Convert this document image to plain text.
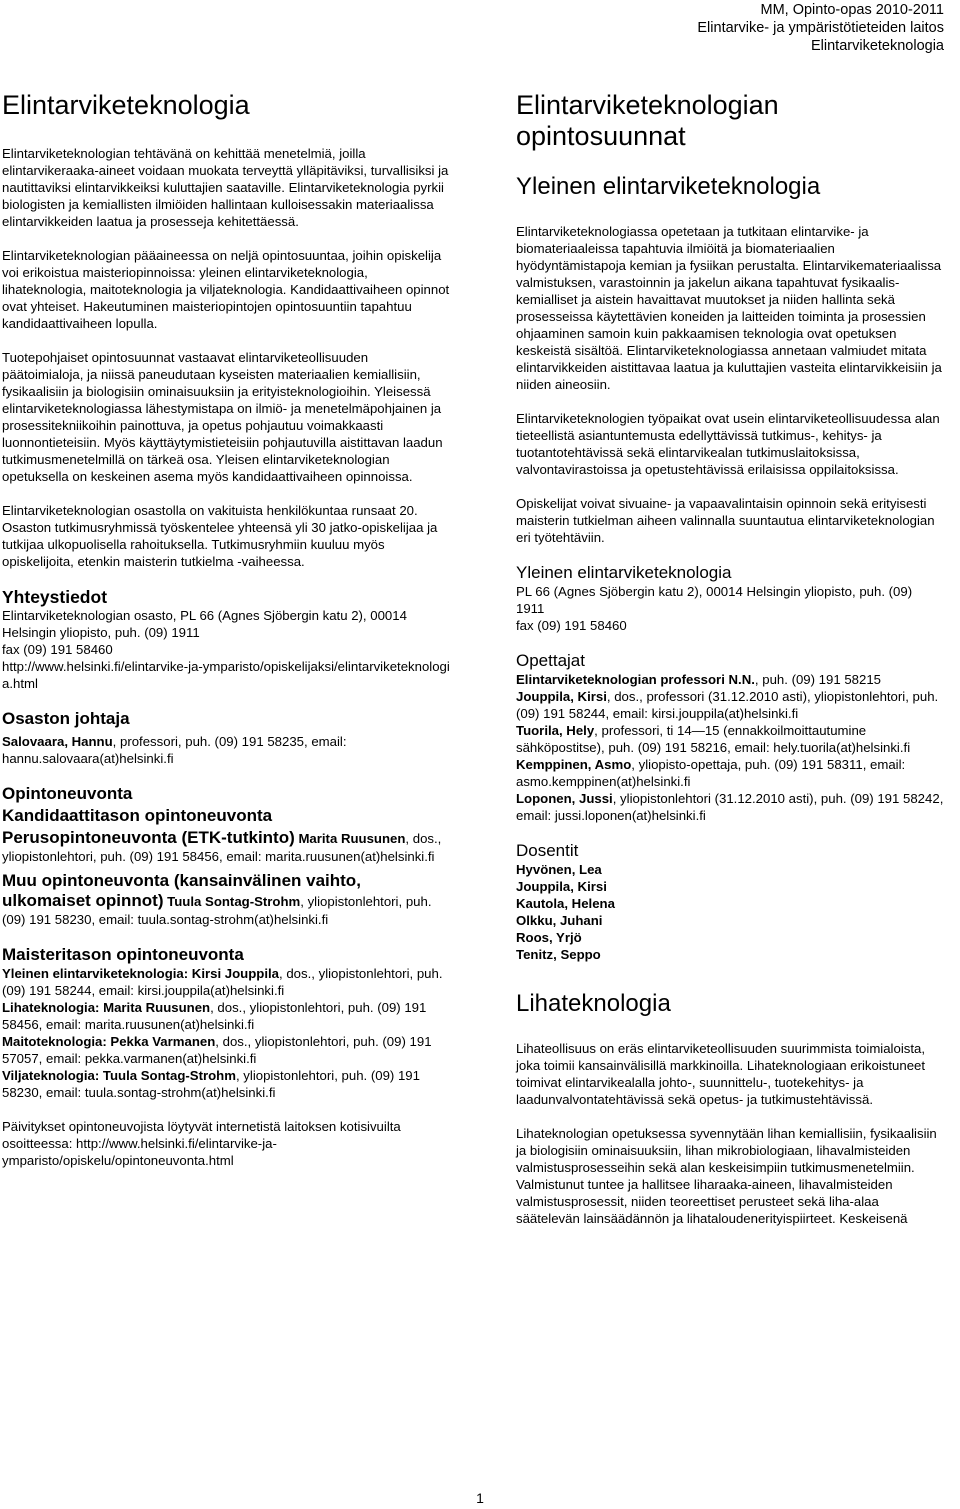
MM, Opinto-opas 2010-2011
Elintarvike- ja ympäristötieteiden laitos
Elintarviketeknologia
Elintarviketeknologia

Elintarviketeknologian tehtävänä on kehittää menetelmiä, joilla elintarvikeraaka-aineet voidaan muokata terveyttä ylläpitäviksi, turvallisiksi ja nautittaviksi elintarvikkeiksi kuluttajien saataville. Elintarviketeknologia pyrkii biologisten ja kemiallisten ilmiöiden hallintaan kulloisessakin materiaalissa elintarvikkeiden laatua ja prosesseja kehitettäessä.

Elintarviketeknologian pääaineessa on neljä opintosuuntaa, joihin opiskelija voi erikoistua maisteriopinnoissa: yleinen elintarviketeknologia, lihateknologia, maitoteknologia ja viljateknologia. Kandidaattivaiheen opinnot ovat yhteiset. Hakeutuminen maisteriopintojen opintosuuntiin tapahtuu kandidaattivaiheen lopulla.

Tuotepohjaiset opintosuunnat vastaavat elintarviketeollisuuden päätoimialoja, ja niissä paneudutaan kyseisten materiaalien kemiallisiin, fysikaalisiin ja biologisiin ominaisuuksiin ja erityisteknologioihin. Yleisessä elintarviketeknologiassa lähestymistapa on ilmiö- ja menetelmäpohjainen ja prosessitekniikoihin painottuva, ja opetus pohjautuu voimakkaasti luonnontieteisiin. Myös käyttäytymistieteisiin pohjautuvilla aistittavan laadun tutkimusmenetelmillä on tärkeä osa. Yleisen elintarviketeknologian opetuksella on keskeinen asema myös kandidaattivaiheen opinnoissa.

Elintarviketeknologian osastolla on vakituista henkilökuntaa runsaat 20. Osaston tutkimusryhmissä työskentelee yhteensä yli 30 jatko-opiskelijaa ja tutkijaa ulkopuolisella rahoituksella. Tutkimusryhmiin kuuluu myös opiskelijoita, etenkin maisterin tutkielma -vaiheessa.

Yhteystiedot

Elintarviketeknologian osasto, PL 66 (Agnes Sjöbergin katu 2), 00014 Helsingin yliopisto, puh. (09) 1911

fax (09) 191 58460

http://www.helsinki.fi/elintarvike-ja-ymparisto/opiskelijaksi/elintarviketeknologia.html

Osaston johtaja

Salovaara, Hannu, professori, puh. (09) 191 58235, email: hannu.salovaara(at)helsinki.fi

Opintoneuvonta
Kandidaattitason opintoneuvonta

Perusopintoneuvonta (ETK-tutkinto) Marita Ruusunen, dos., yliopistonlehtori, puh. (09) 191 58456, email: marita.ruusunen(at)helsinki.fi

Muu opintoneuvonta (kansainvälinen vaihto, ulkomaiset opinnot) Tuula Sontag-Strohm, yliopistonlehtori, puh. (09) 191 58230, email: tuula.sontag-strohm(at)helsinki.fi

Maisteritason opintoneuvonta

Yleinen elintarviketeknologia: Kirsi Jouppila, dos., yliopistonlehtori, puh. (09) 191 58244, email: kirsi.jouppila(at)helsinki.fi

Lihateknologia: Marita Ruusunen, dos., yliopistonlehtori, puh. (09) 191 58456, email: marita.ruusunen(at)helsinki.fi

Maitoteknologia: Pekka Varmanen, dos., yliopistonlehtori, puh. (09) 191 57057, email: pekka.varmanen(at)helsinki.fi

Viljateknologia: Tuula Sontag-Strohm, yliopistonlehtori, puh. (09) 191 58230, email: tuula.sontag-strohm(at)helsinki.fi

Päivitykset opintoneuvojista löytyvät internetistä laitoksen kotisivuilta osoitteessa: http://www.helsinki.fi/elintarvike-ja-ymparisto/opiskelu/opintoneuvonta.html

Elintarviketeknologian opintosuunnat
Yleinen elintarviketeknologia

Elintarviketeknologiassa opetetaan ja tutkitaan elintarvike- ja biomateriaaleissa tapahtuvia ilmiöitä ja biomateriaalien hyödyntämistapoja kemian ja fysiikan perustalta. Elintarvikemateriaalissa valmistuksen, varastoinnin ja jakelun aikana tapahtuvat fysikaalis-kemialliset ja aistein havaittavat muutokset ja niiden hallinta sekä prosesseissa käytettävien koneiden ja laitteiden toiminta ja prosessien ohjaaminen samoin kuin pakkaamisen teknologia ovat opetuksen keskeistä sisältöä. Elintarviketeknologiassa annetaan valmiudet mitata elintarvikkeiden aistittavaa laatua ja kuluttajien vasteita elintarvikkeisiin ja niiden aineosiin.

Elintarviketeknologien työpaikat ovat usein elintarviketeollisuudessa alan tieteellistä asiantuntemusta edellyttävissä tutkimus-, kehitys- ja tuotantotehtävissä sekä elintarvikealan tutkimuslaitoksissa, valvontavirastoissa ja opetustehtävissä erilaisissa oppilaitoksissa.

Opiskelijat voivat sivuaine- ja vapaavalintaisin opinnoin sekä erityisesti maisterin tutkielman aiheen valinnalla suuntautua elintarviketeknologian eri työtehtäviin.

Yleinen elintarviketeknologia

PL 66 (Agnes Sjöbergin katu 2), 00014 Helsingin yliopisto, puh. (09) 1911

fax (09) 191 58460

Opettajat

Elintarviketeknologian professori N.N., puh. (09) 191 58215

Jouppila, Kirsi, dos., professori (31.12.2010 asti), yliopistonlehtori, puh. (09) 191 58244, email: kirsi.jouppila(at)helsinki.fi

Tuorila, Hely, professori, ti 14—15 (ennakkoilmoittautumine sähköpostitse), puh. (09) 191 58216, email: hely.tuorila(at)helsinki.fi

Kemppinen, Asmo, yliopisto-opettaja, puh. (09) 191 58311, email: asmo.kemppinen(at)helsinki.fi

Loponen, Jussi, yliopistonlehtori (31.12.2010 asti), puh. (09) 191 58242, email: jussi.loponen(at)helsinki.fi

Dosentit
Hyvönen, Lea
Jouppila, Kirsi
Kautola, Helena
Olkku, Juhani
Roos, Yrjö
Tenitz, Seppo
Lihateknologia

Lihateollisuus on eräs elintarviketeollisuuden suurimmista toimialoista, joka toimii kansainvälisillä markkinoilla. Lihateknologiaan erikoistuneet toimivat elintarvikealalla johto-, suunnittelu-, tuotekehitys- ja laadunvalvontatehtävissä sekä opetus- ja tutkimustehtävissä.

Lihateknologian opetuksessa syvennytään lihan kemiallisiin, fysikaalisiin ja biologisiin ominaisuuksiin, lihan mikrobiologiaan, lihavalmisteiden valmistusprosesseihin sekä alan keskeisimpiin tutkimusmenetelmiin. Valmistunut tuntee ja hallitsee liharaaka-aineen, lihavalmisteiden valmistusprosessit, niiden teoreettiset perusteet sekä liha-alaa säätelevän lainsäädännön ja lihataloudenerityispiirteet. Keskeisenä

1
